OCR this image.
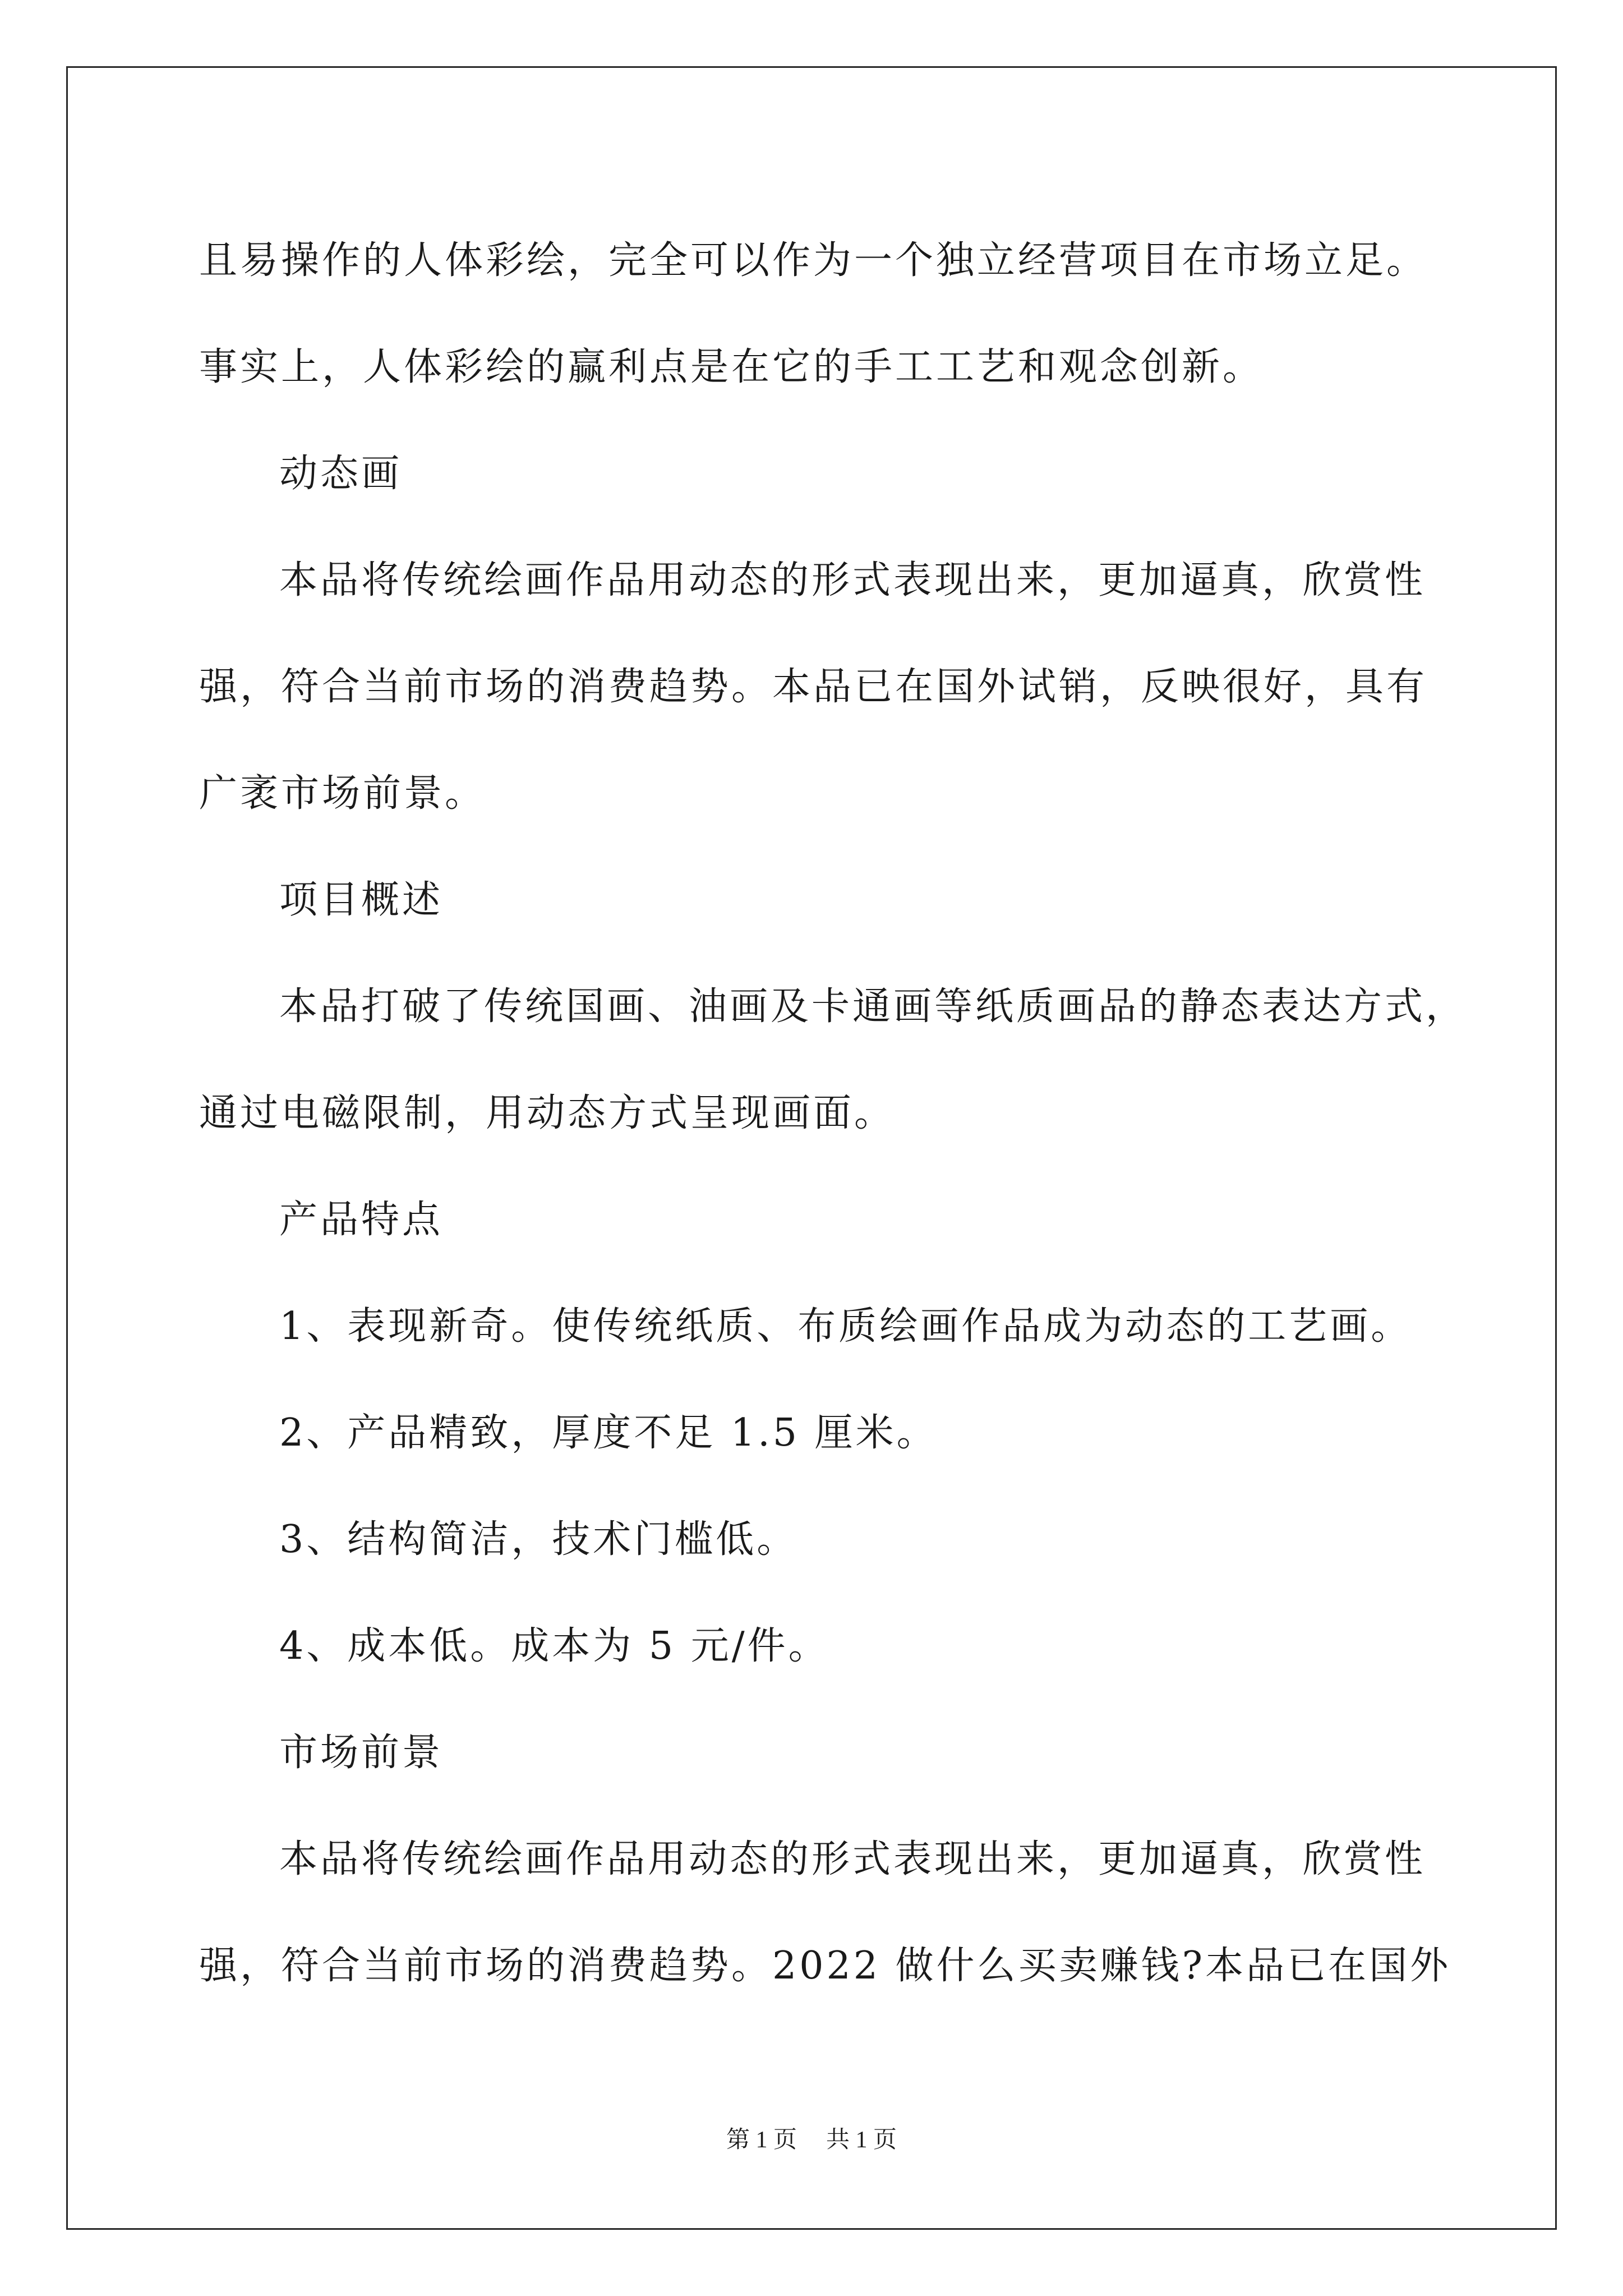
且易操作的人体彩绘，完全可以作为一个独立经营项目在市场立足。

事实上，人体彩绘的赢利点是在它的手工工艺和观念创新。

动态画

本品将传统绘画作品用动态的形式表现出来，更加逼真，欣赏性

强，符合当前市场的消费趋势。本品已在国外试销，反映很好，具有

广袤市场前景。

项目概述

本品打破了传统国画、油画及卡通画等纸质画品的静态表达方式，

通过电磁限制，用动态方式呈现画面。

产品特点

1、表现新奇。使传统纸质、布质绘画作品成为动态的工艺画。

2、产品精致，厚度不足 1.5 厘米。

3、结构简洁，技术门槛低。

4、成本低。成本为 5 元/件。

市场前景

本品将传统绘画作品用动态的形式表现出来，更加逼真，欣赏性

强，符合当前市场的消费趋势。2022 做什么买卖赚钱?本品已在国外

第 1 页 共 1 页
